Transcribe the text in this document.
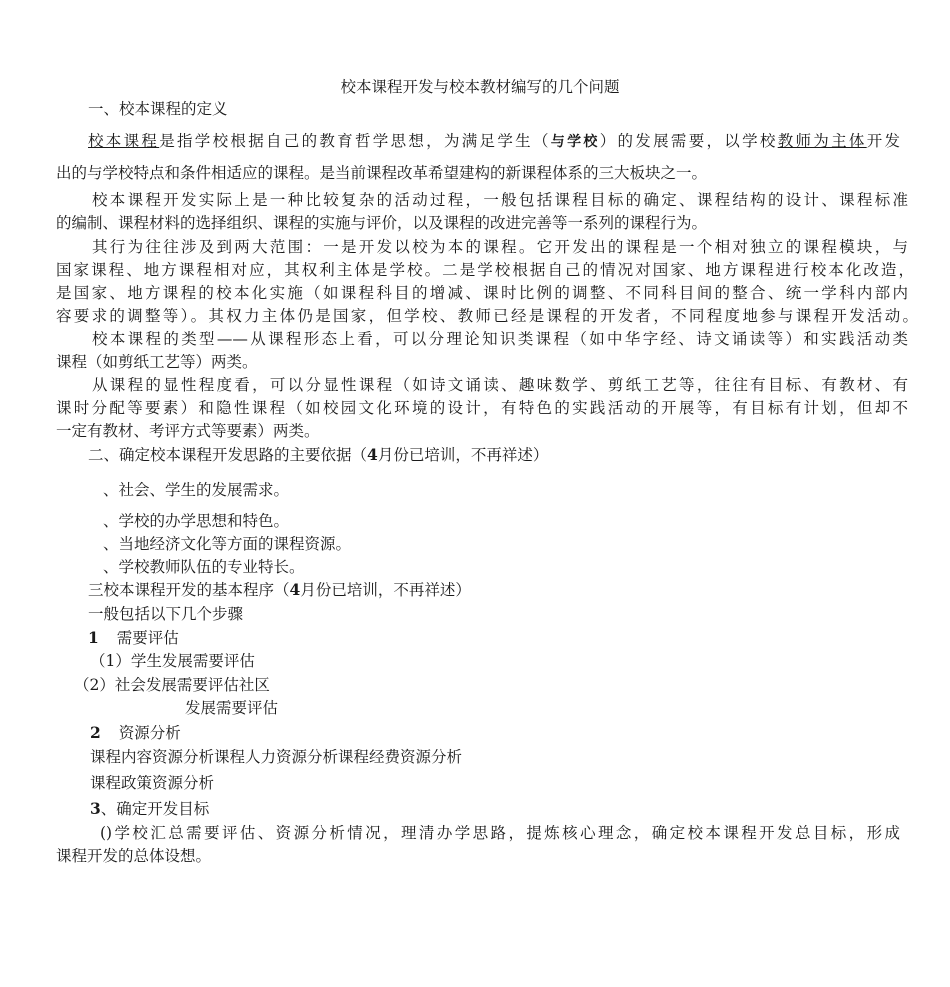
校本课程开发与校本教材编写的几个问题
一、校本课程的定义
校本课程是指学校根据自己的教育哲学思想，为满足学生（与学校）的发展需要，以学校教师为主体开发
出的与学校特点和条件相适应的课程。是当前课程改革希望建构的新课程体系的三大板块之一。
校本课程开发实际上是一种比较复杂的活动过程，一般包括课程目标的确定、课程结构的设计、课程标准
的编制、课程材料的选择组织、课程的实施与评价，以及课程的改进完善等一系列的课程行为。
其行为往往涉及到两大范围：一是开发以校为本的课程。它开发出的课程是一个相对独立的课程模块，与
国家课程、地方课程相对应，其权利主体是学校。二是学校根据自己的情况对国家、地方课程进行校本化改造，
是国家、地方课程的校本化实施（如课程科目的增减、课时比例的调整、不同科目间的整合、统一学科内部内
容要求的调整等）。其权力主体仍是国家，但学校、教师已经是课程的开发者，不同程度地参与课程开发活动。
校本课程的类型——从课程形态上看，可以分理论知识类课程（如中华字经、诗文诵读等）和实践活动类
课程（如剪纸工艺等）两类。
从课程的显性程度看，可以分显性课程（如诗文诵读、趣味数学、剪纸工艺等，往往有目标、有教材、有
课时分配等要素）和隐性课程（如校园文化环境的设计，有特色的实践活动的开展等，有目标有计划，但却不
一定有教材、考评方式等要素）两类。
二、确定校本课程开发思路的主要依据（4月份已培训，不再祥述）
、社会、学生的发展需求。
、学校的办学思想和特色。
、当地经济文化等方面的课程资源。
、学校教师队伍的专业特长。
三校本课程开发的基本程序（4月份已培训，不再祥述）
一般包括以下几个步骤
1 需要评估
（1）学生发展需要评估
（2）社会发展需要评估社区
发展需要评估
2 资源分析
课程内容资源分析课程人力资源分析课程经费资源分析
课程政策资源分析
3、确定开发目标
()学校汇总需要评估、资源分析情况，理清办学思路，提炼核心理念，确定校本课程开发总目标，形成
课程开发的总体设想。
